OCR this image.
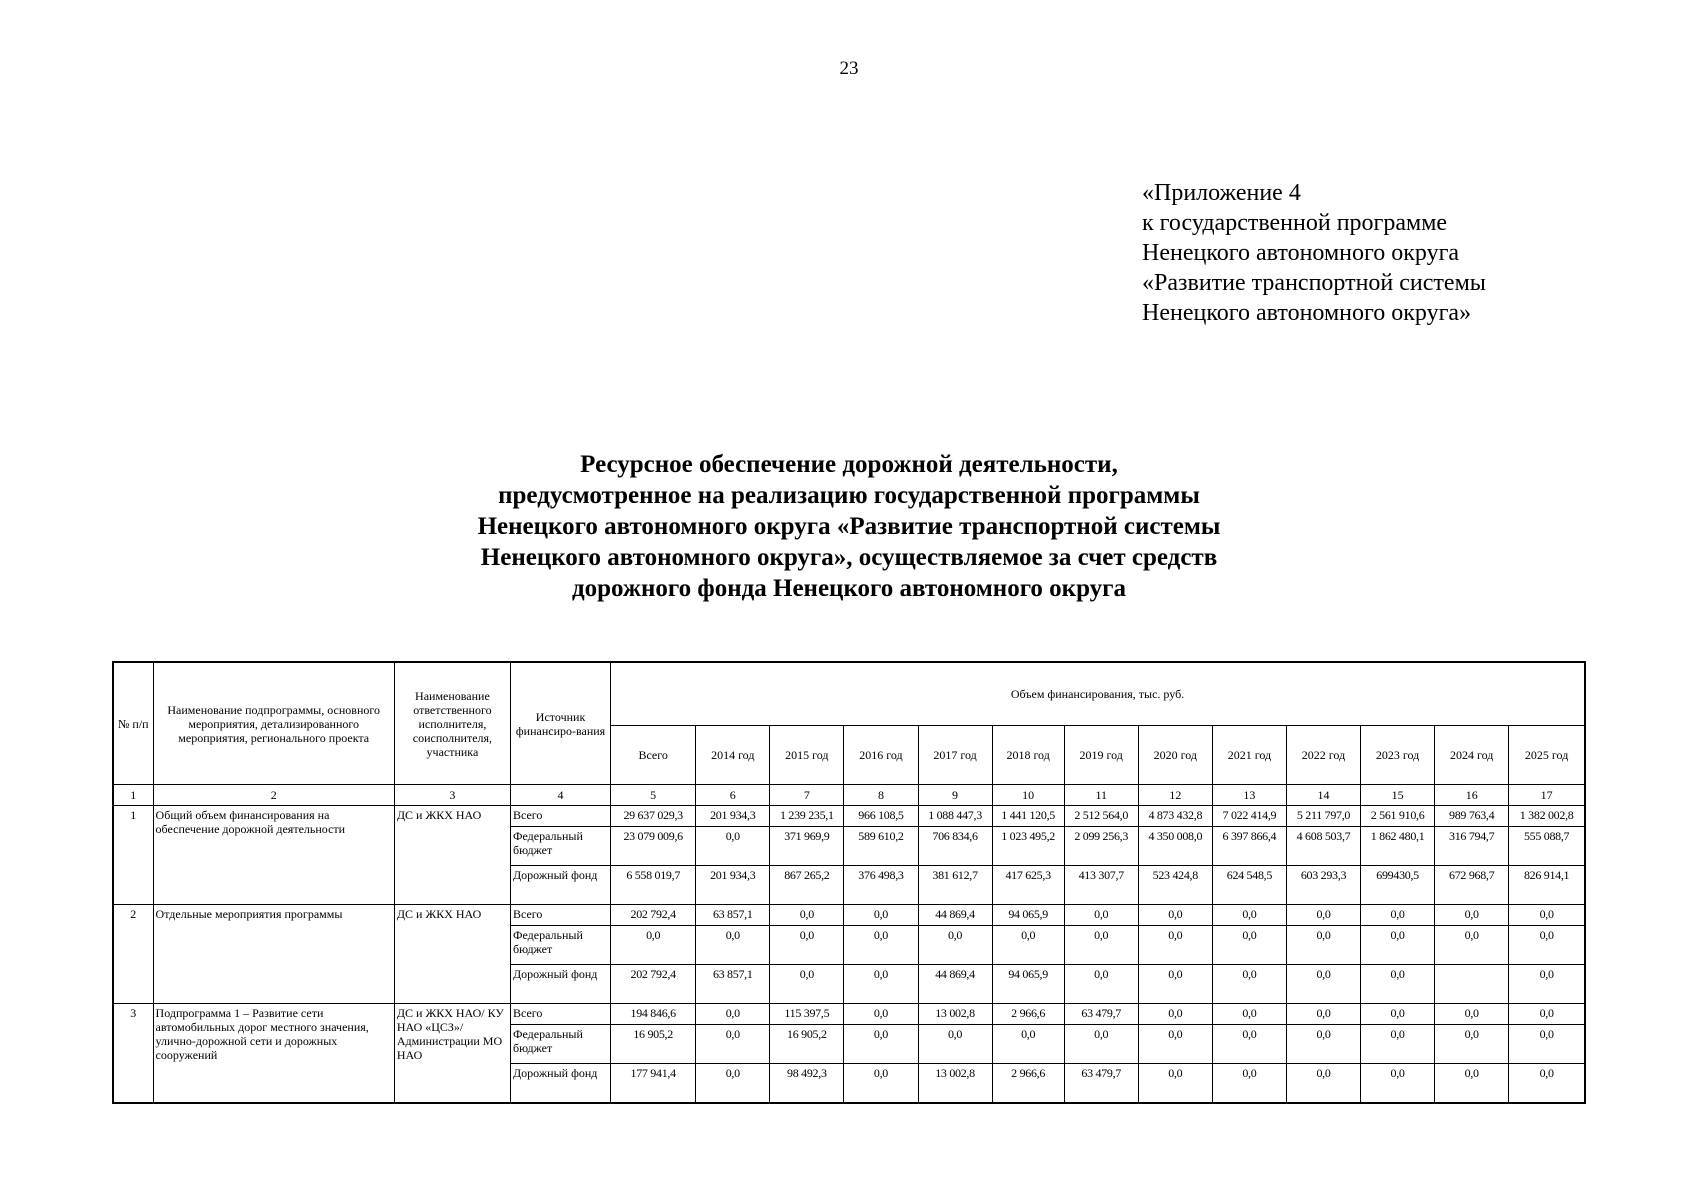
23
«Приложение 4
к государственной программе
Ненецкого автономного округа
«Развитие транспортной системы
Ненецкого автономного округа»
Ресурсное обеспечение дорожной деятельности,
предусмотренное на реализацию государственной программы
Ненецкого автономного округа «Развитие транспортной системы
Ненецкого автономного округа», осуществляемое за счет средств
дорожного фонда Ненецкого автономного округа
№ п/п	Наименование подпрограммы, основного мероприятия, детализированного мероприятия, регионального проекта	Наименование ответственного исполнителя, соисполнителя, участника	Источник финансиро-вания	Объем финансирования, тыс. руб.												
				Всего	2014 год	2015 год	2016 год	2017 год	2018 год	2019 год	2020 год	2021 год	2022 год	2023 год	2024 год	2025 год
1	2	3	4	5	6	7	8	9	10	11	12	13	14	15	16	17
1	Общий объем финансирования на обеспечение дорожной деятельности	ДС и ЖКХ НАО	Всего	29 637 029,3	201 934,3	1 239 235,1	966 108,5	1 088 447,3	1 441 120,5	2 512 564,0	4 873 432,8	7 022 414,9	5 211 797,0	2 561 910,6	989 763,4	1 382 002,8
			Федеральный бюджет	23 079 009,6	0,0	371 969,9	589 610,2	706 834,6	1 023 495,2	2 099 256,3	4 350 008,0	6 397 866,4	4 608 503,7	1 862 480,1	316 794,7	555 088,7
			Дорожный фонд	6 558 019,7	201 934,3	867 265,2	376 498,3	381 612,7	417 625,3	413 307,7	523 424,8	624 548,5	603 293,3	699430,5	672 968,7	826 914,1
2	Отдельные мероприятия программы	ДС и ЖКХ НАО	Всего	202 792,4	63 857,1	0,0	0,0	44 869,4	94 065,9	0,0	0,0	0,0	0,0	0,0	0,0	0,0
			Федеральный бюджет	0,0	0,0	0,0	0,0	0,0	0,0	0,0	0,0	0,0	0,0	0,0	0,0	0,0
			Дорожный фонд	202 792,4	63 857,1	0,0	0,0	44 869,4	94 065,9	0,0	0,0	0,0	0,0	0,0		0,0
3	Подпрограмма 1 – Развитие сети автомобильных дорог местного значения, улично-дорожной сети и дорожных сооружений	ДС и ЖКХ НАО/ КУ НАО «ЦСЗ»/ Администрации МО НАО	Всего	194 846,6	0,0	115 397,5	0,0	13 002,8	2 966,6	63 479,7	0,0	0,0	0,0	0,0	0,0	0,0
			Федеральный бюджет	16 905,2	0,0	16 905,2	0,0	0,0	0,0	0,0	0,0	0,0	0,0	0,0	0,0	0,0
			Дорожный фонд	177 941,4	0,0	98 492,3	0,0	13 002,8	2 966,6	63 479,7	0,0	0,0	0,0	0,0	0,0	0,0
